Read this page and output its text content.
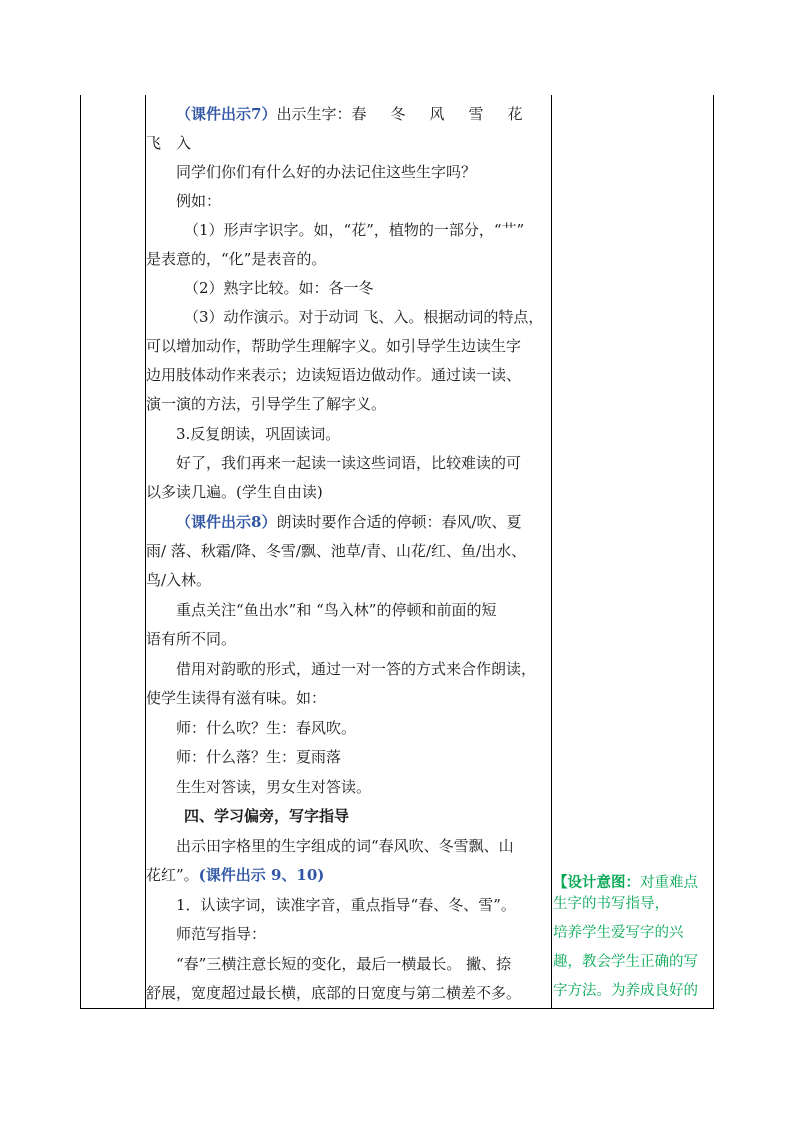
（课件出示7）出示生字：春 冬 风 雪 花
飞　入
同学们你们有什么好的办法记住这些生字吗？
例如：
（1）形声字识字。如，“花”，植物的一部分，“艹”
是表意的，“化”是表音的。
（2）熟字比较。如：各一冬
（3）动作演示。对于动词 飞、入。根据动词的特点，
可以增加动作，帮助学生理解字义。如引导学生边读生字
边用肢体动作来表示；边读短语边做动作。通过读一读、
演一演的方法，引导学生了解字义。
3.反复朗读，巩固读词。
好了，我们再来一起读一读这些词语，比较难读的可
以多读几遍。(学生自由读)
（课件出示8）朗读时要作合适的停顿：春风/吹、夏
雨/ 落、秋霜/降、冬雪/飘、池草/青、山花/红、鱼/出水、
鸟/入林。
重点关注“鱼出水”和 “鸟入林”的停顿和前面的短
语有所不同。
借用对韵歌的形式，通过一对一答的方式来合作朗读，
使学生读得有滋有味。如：
师：什么吹？生：春风吹。
师：什么落？生：夏雨落
生生对答读，男女生对答读。
四、学习偏旁，写字指导
出示田字格里的生字组成的词“春风吹、冬雪飘、山
花红”。(课件出示 9、10)
1．认读字词，读准字音，重点指导“春、冬、雪”。
师范写指导：
“春”三横注意长短的变化，最后一横最长。 撇、捺
舒展，宽度超过最长横，底部的日宽度与第二横差不多。
【设计意图：对重难点
生字的书写指导，
培养学生爱写字的兴
趣，教会学生正确的写
字方法。为养成良好的
